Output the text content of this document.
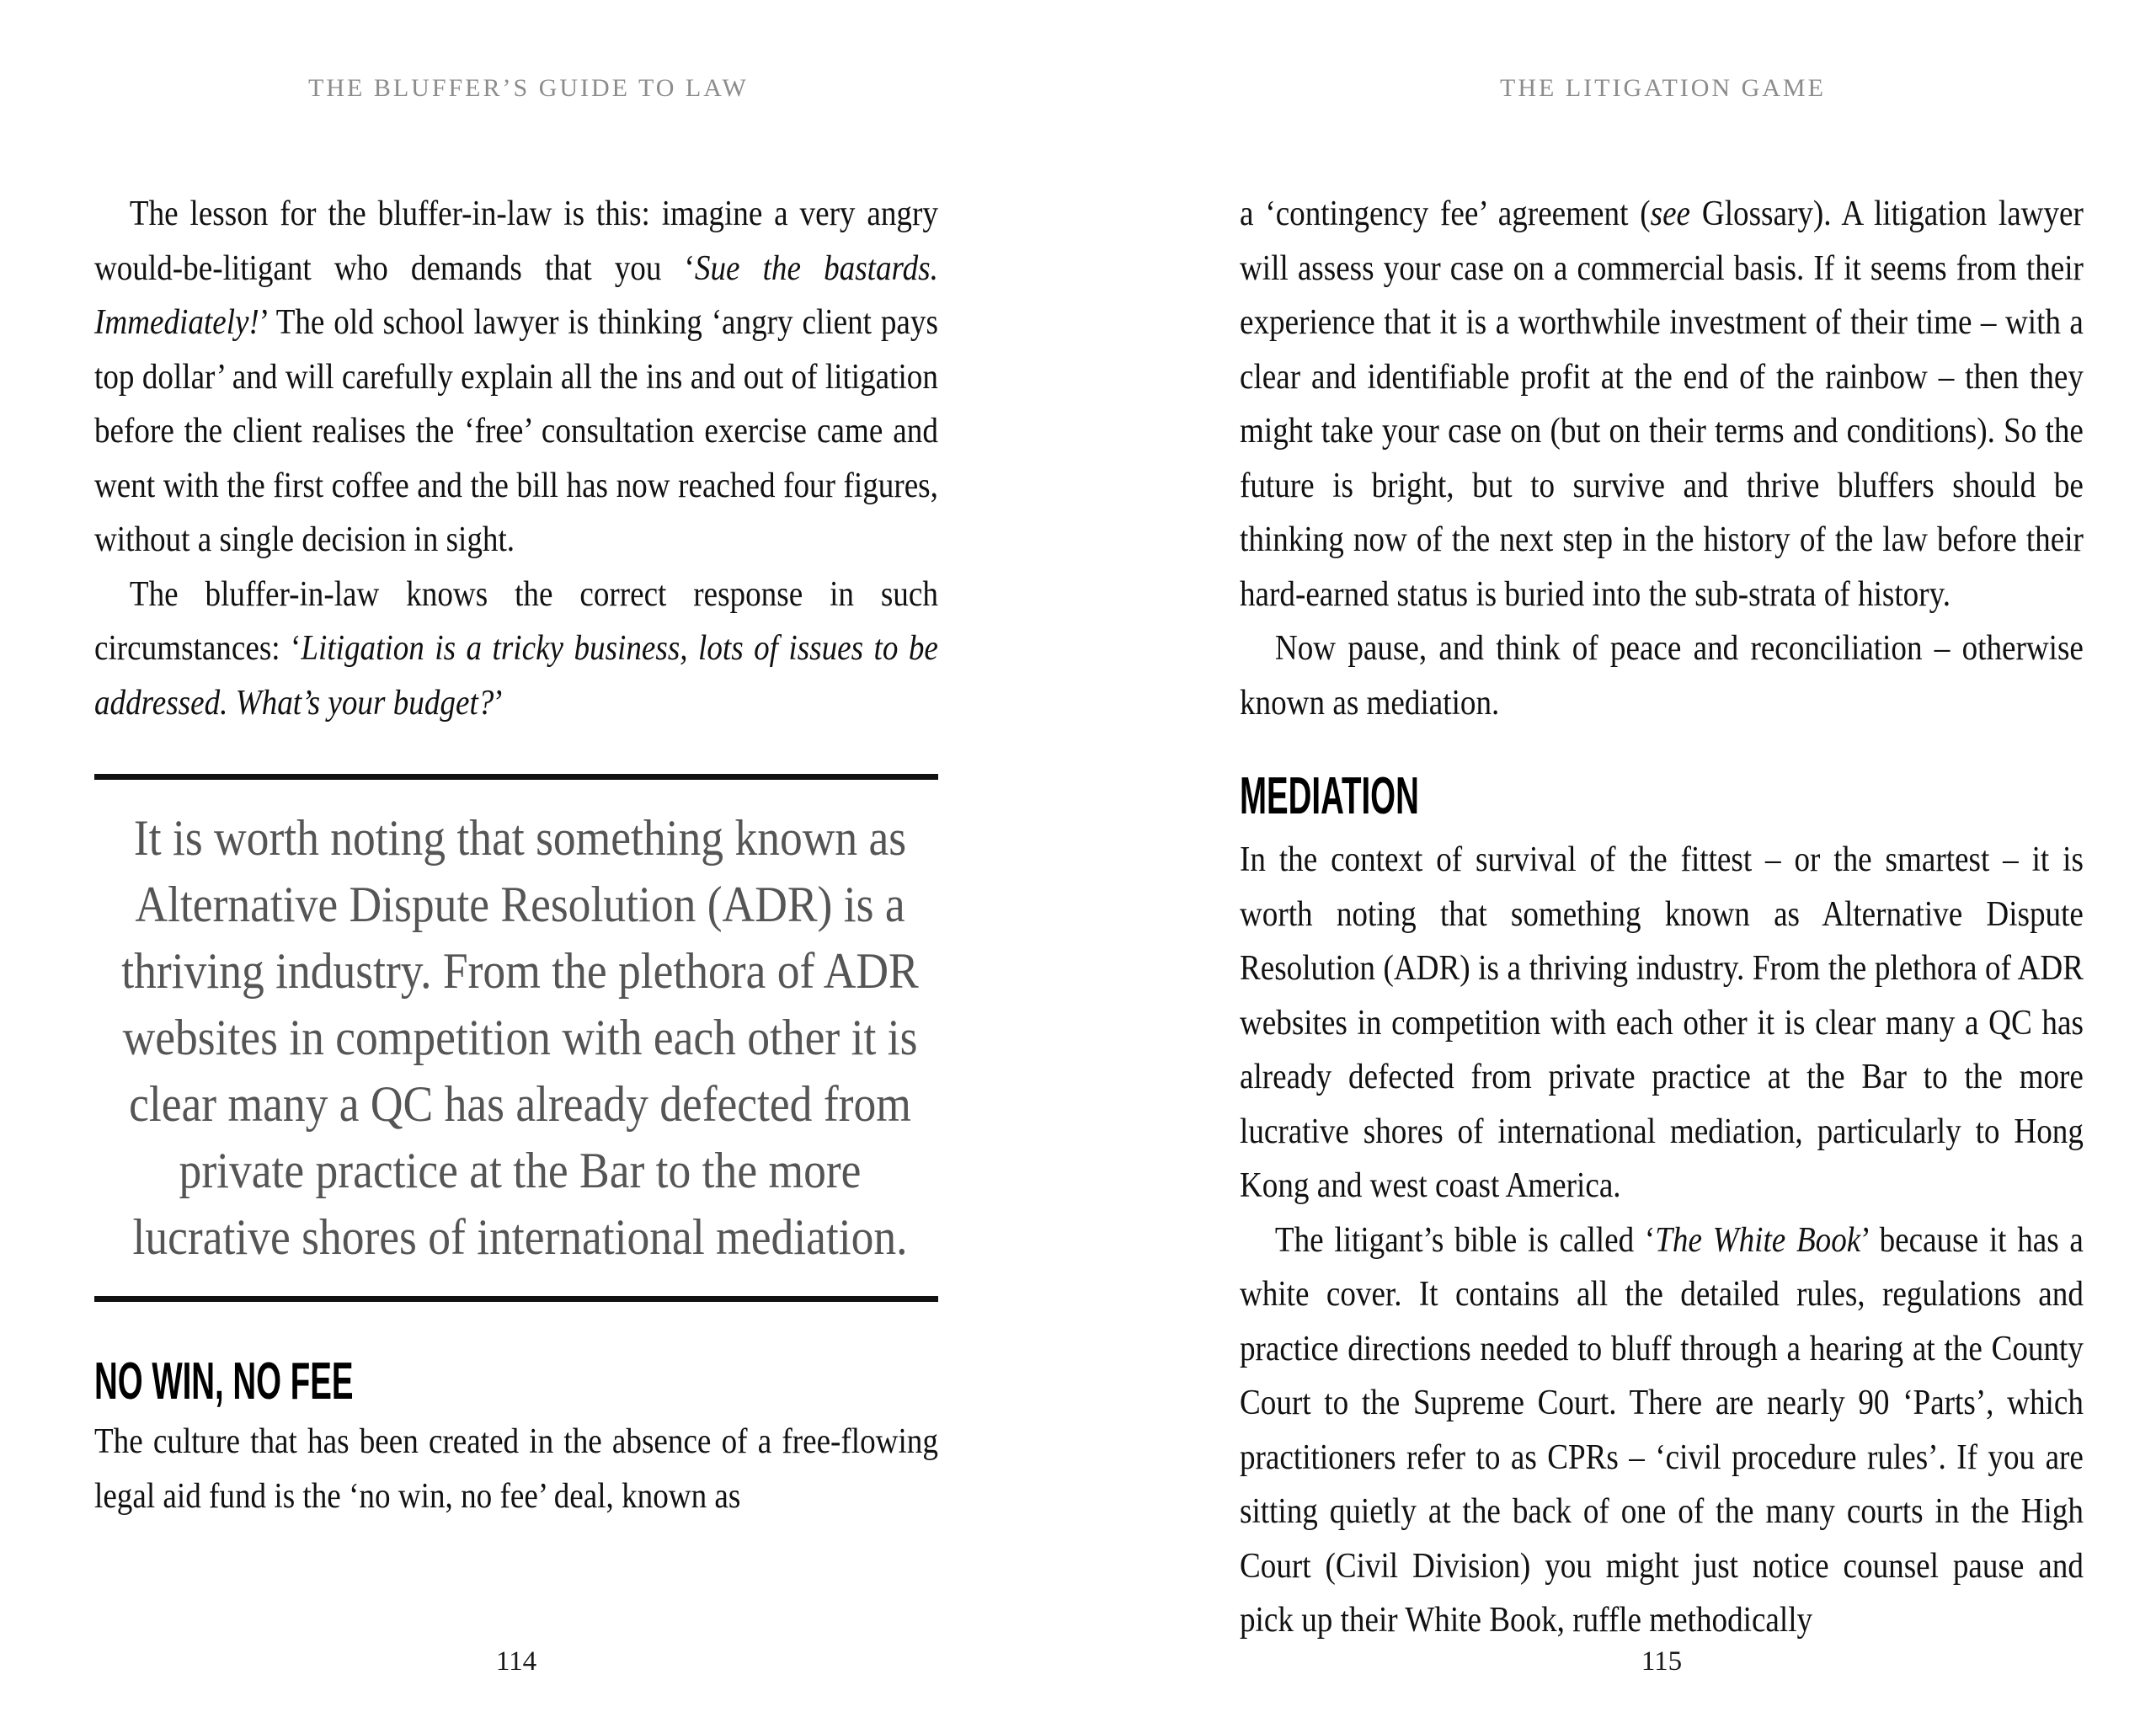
THE BLUFFER’S GUIDE TO LAW	THE LITIGATION GAME

The lesson for the bluffer-in-law is this: imagine a very angry would-be-litigant who demands that you ‘Sue the bastards. Immediately!’ The old school lawyer is thinking ‘angry client pays top dollar’ and will carefully explain all the ins and out of litigation before the client realises the ‘free’ consultation exercise came and went with the first coffee and the bill has now reached four figures, without a single decision in sight.

The bluffer-in-law knows the correct response in such circumstances: ‘Litigation is a tricky business, lots of issues to be addressed. What’s your budget?’

It is worth noting that something known as Alternative Dispute Resolution (ADR) is a thriving industry. From the plethora of ADR websites in competition with each other it is clear many a QC has already defected from private practice at the Bar to the more lucrative shores of international mediation.
NO WIN, NO FEE

The culture that has been created in the absence of a free-flowing legal aid fund is the ‘no win, no fee’ deal, known as

a ‘contingency fee’ agreement (see Glossary). A litigation lawyer will assess your case on a commercial basis. If it seems from their experience that it is a worthwhile investment of their time – with a clear and identifiable profit at the end of the rainbow – then they might take your case on (but on their terms and conditions). So the future is bright, but to survive and thrive bluffers should be thinking now of the next step in the history of the law before their hard-earned status is buried into the sub-strata of history.

Now pause, and think of peace and reconciliation – otherwise known as mediation.

MEDIATION

In the context of survival of the fittest – or the smartest – it is worth noting that something known as Alternative Dispute Resolution (ADR) is a thriving industry. From the plethora of ADR websites in competition with each other it is clear many a QC has already defected from private practice at the Bar to the more lucrative shores of international mediation, particularly to Hong Kong and west coast America.

The litigant’s bible is called ‘The White Book’ because it has a white cover. It contains all the detailed rules, regulations and practice directions needed to bluff through a hearing at the County Court to the Supreme Court. There are nearly 90 ‘Parts’, which practitioners refer to as CPRs – ‘civil procedure rules’. If you are sitting quietly at the back of one of the many courts in the High Court (Civil Division) you might just notice counsel pause and pick up their White Book, ruffle methodically

114	115
